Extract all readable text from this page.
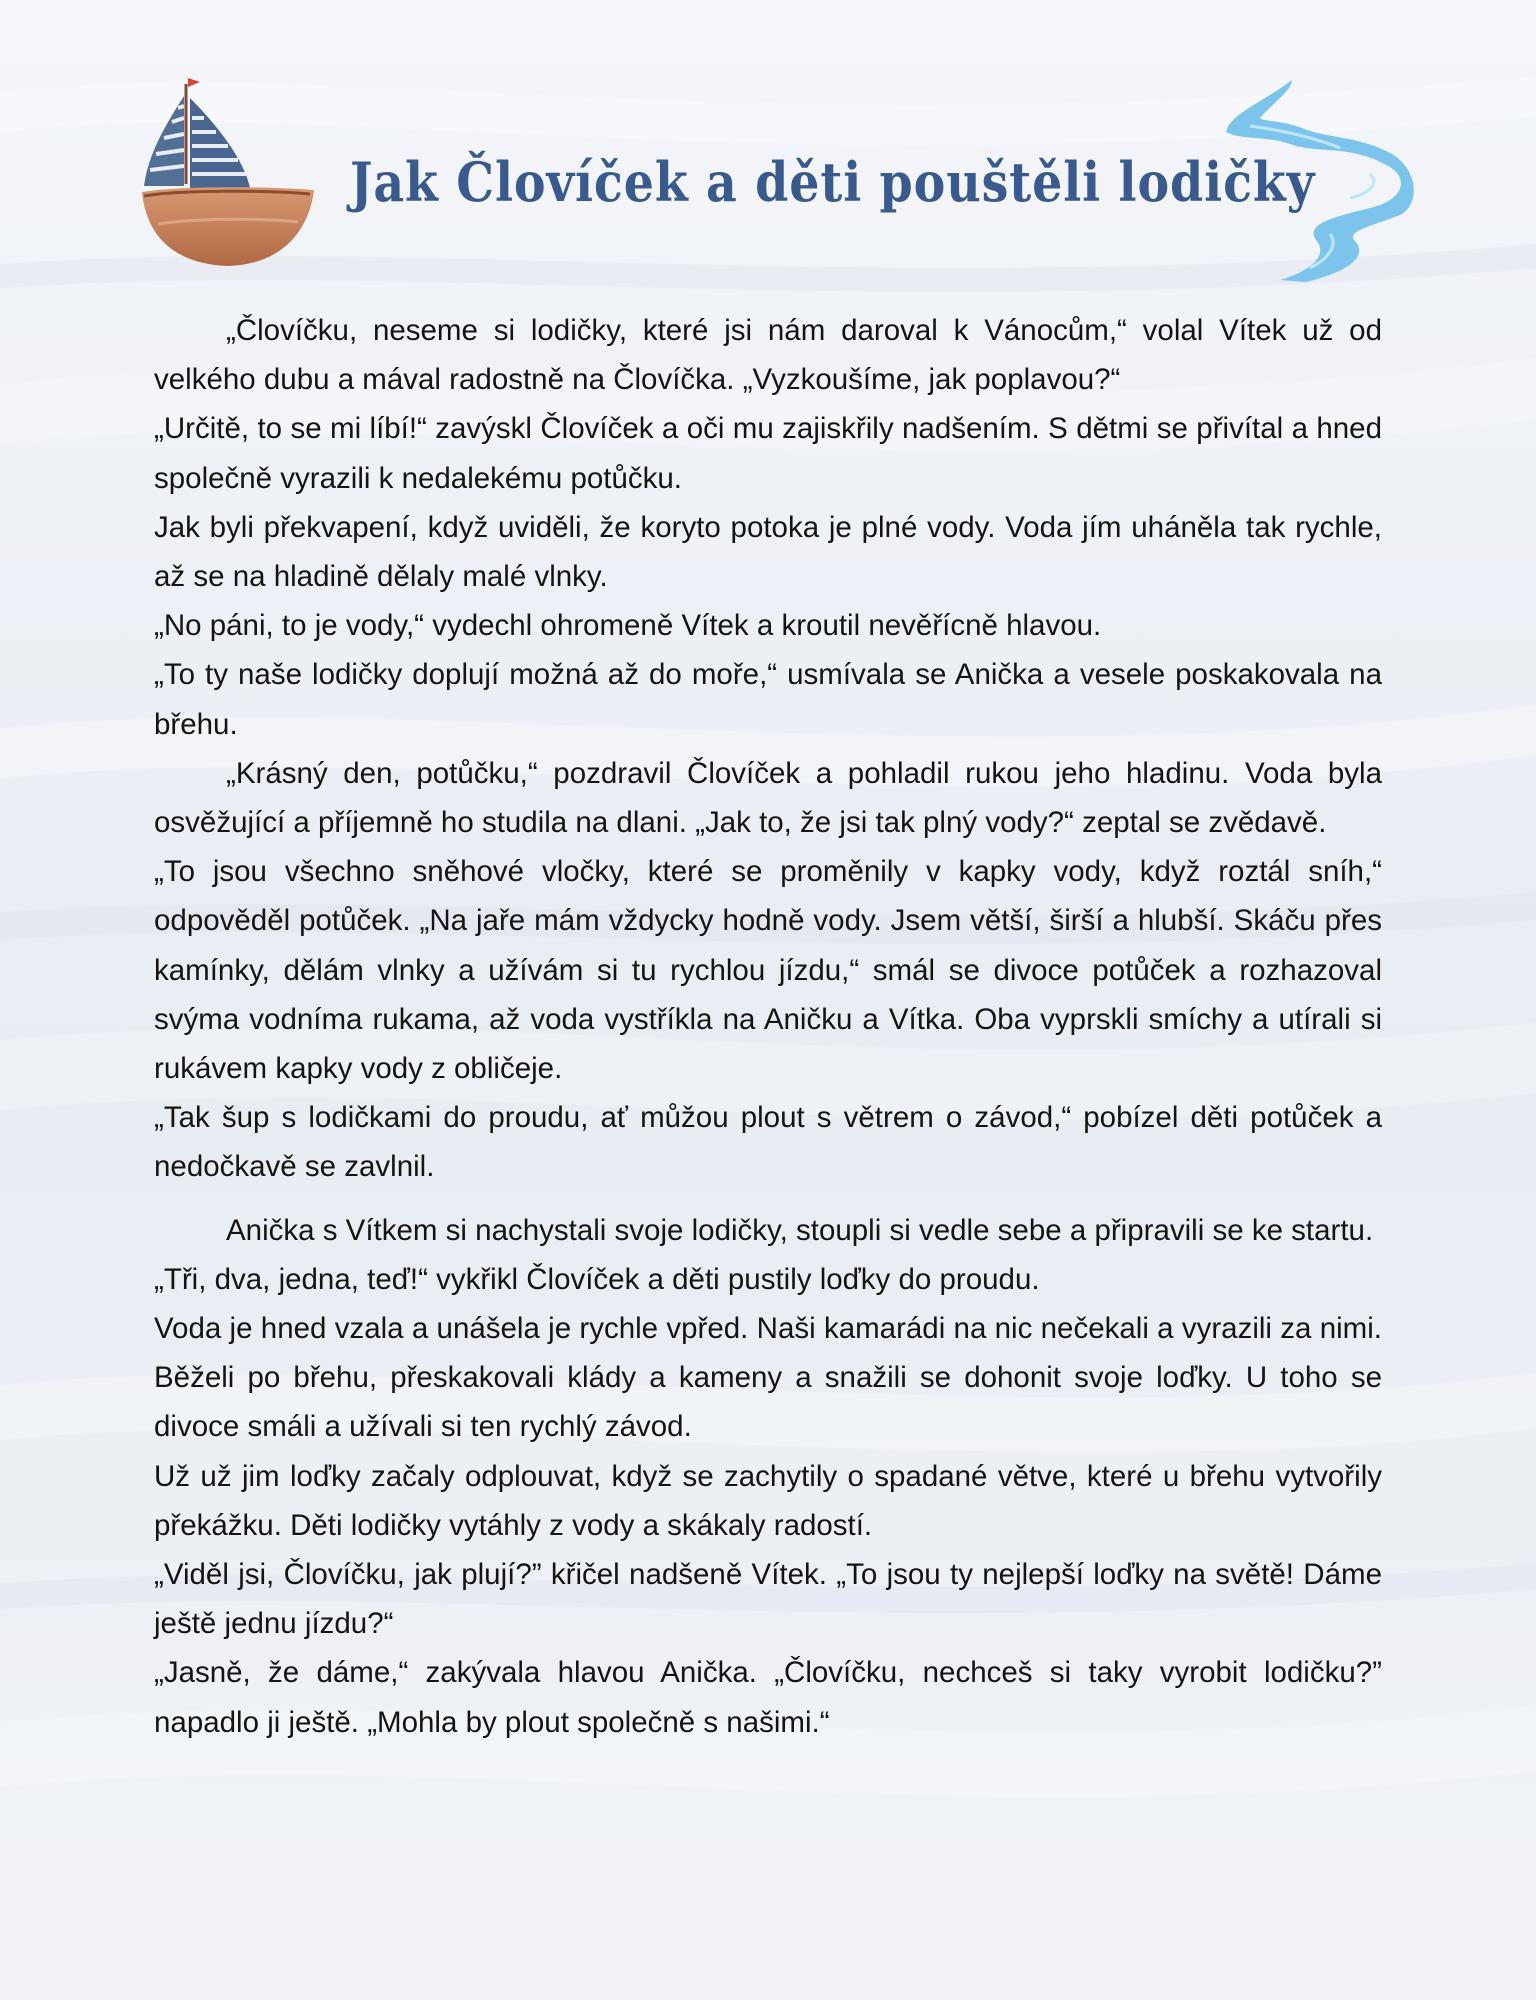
Jak Človíček a děti pouštěli lodičky

„Človíčku, neseme si lodičky, které jsi nám daroval k Vánocům,“ volal Vítek už od velkého dubu a mával radostně na Človíčka. „Vyzkoušíme, jak poplavou?“

„Určitě, to se mi líbí!“ zavýskl Človíček a oči mu zajiskřily nadšením. S dětmi se přivítal a hned společně vyrazili k nedalekému potůčku.

Jak byli překvapení, když uviděli, že koryto potoka je plné vody. Voda jím uháněla tak rychle, až se na hladině dělaly malé vlnky.

„No páni, to je vody,“ vydechl ohromeně Vítek a kroutil nevěřícně hlavou.

„To ty naše lodičky doplují možná až do moře,“ usmívala se Anička a vesele poskakovala na břehu.

„Krásný den, potůčku,“ pozdravil Človíček a pohladil rukou jeho hladinu. Voda byla osvěžující a příjemně ho studila na dlani. „Jak to, že jsi tak plný vody?“ zeptal se zvědavě.

„To jsou všechno sněhové vločky, které se proměnily v kapky vody, když roztál sníh,“ odpověděl potůček. „Na jaře mám vždycky hodně vody. Jsem větší, širší a hlubší. Skáču přes kamínky, dělám vlnky a užívám si tu rychlou jízdu,“ smál se divoce potůček a rozhazoval svýma vodníma rukama, až voda vystříkla na Aničku a Vítka. Oba vyprskli smíchy a utírali si rukávem kapky vody z obličeje.

„Tak šup s lodičkami do proudu, ať můžou plout s větrem o závod,“ pobízel děti potůček a nedočkavě se zavlnil.

Anička s Vítkem si nachystali svoje lodičky, stoupli si vedle sebe a připravili se ke startu.

„Tři, dva, jedna, teď!“ vykřikl Človíček a děti pustily loďky do proudu.

Voda je hned vzala a unášela je rychle vpřed. Naši kamarádi na nic nečekali a vyrazili za nimi. Běželi po břehu, přeskakovali klády a kameny a snažili se dohonit svoje loďky. U toho se divoce smáli a užívali si ten rychlý závod.

Už už jim loďky začaly odplouvat, když se zachytily o spadané větve, které u břehu vytvořily překážku. Děti lodičky vytáhly z vody a skákaly radostí.

„Viděl jsi, Človíčku, jak plují?” křičel nadšeně Vítek. „To jsou ty nejlepší loďky na světě! Dáme ještě jednu jízdu?“

„Jasně, že dáme,“ zakývala hlavou Anička. „Človíčku, nechceš si taky vyrobit lodičku?” napadlo ji ještě. „Mohla by plout společně s našimi.“
